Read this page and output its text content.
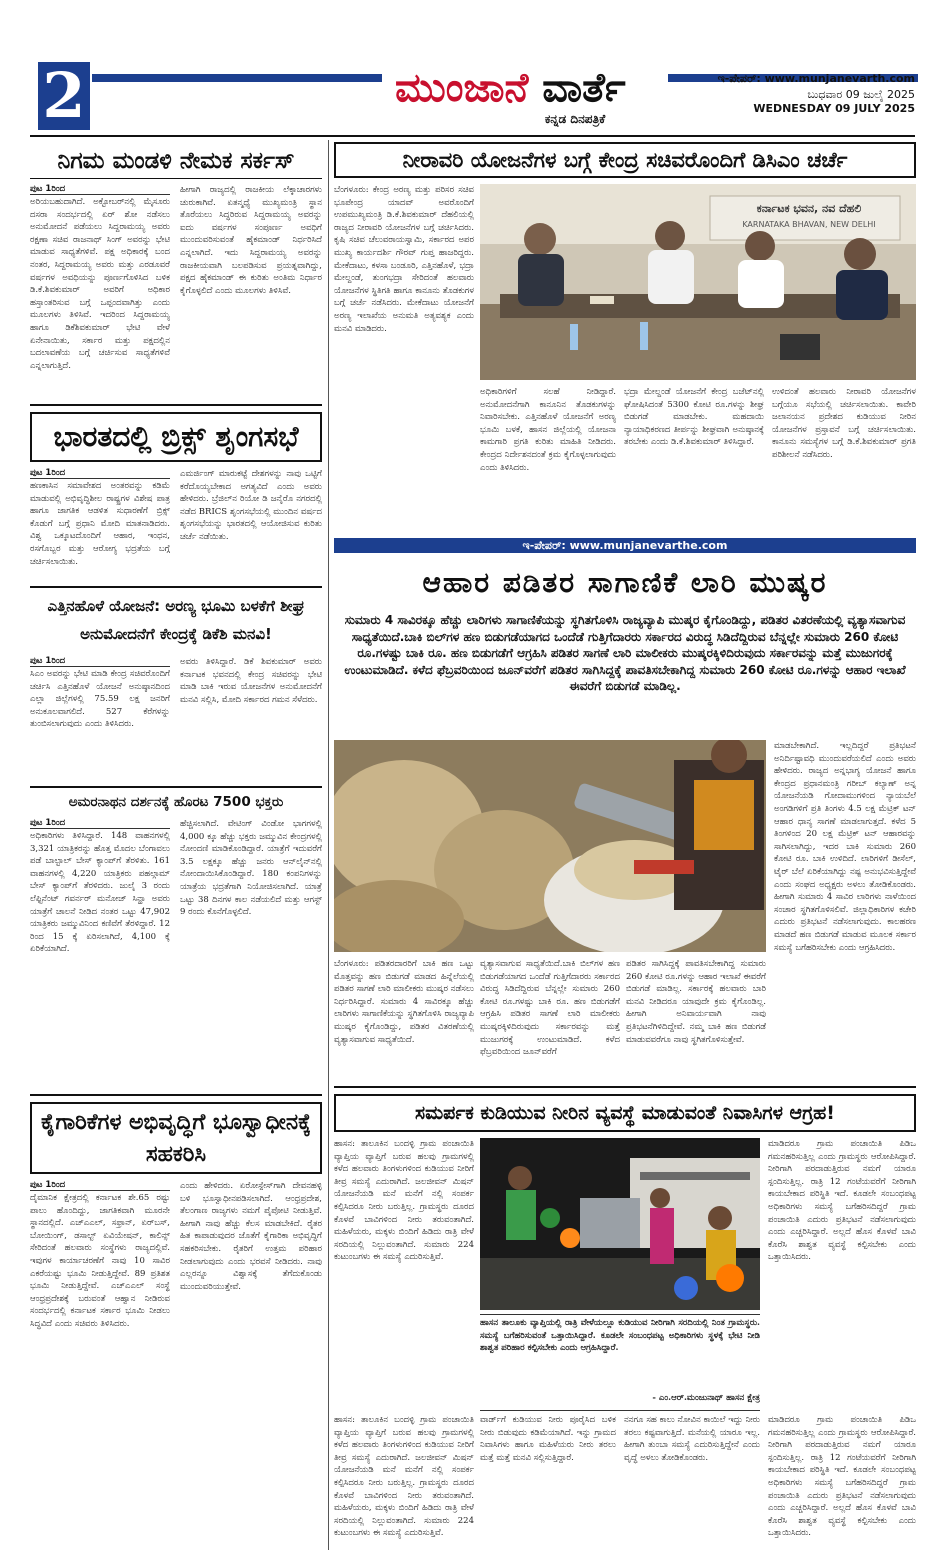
2	ಮುಂಜಾನೆ ವಾರ್ತೆ
ಕನ್ನಡ ದಿನಪತ್ರಿಕೆ
ಇ-ಪೇಪರ್: www.munjanevarth.com
ಬುಧವಾರ 09 ಜುಲೈ 2025
WEDNESDAY 09 JULY 2025
ನಿಗಮ ಮಂಡಳಿ ನೇಮಕ ಸರ್ಕಸ್
ಪುಟ 1ರಿಂದ
ಅರಿಯಬಹುದಾಗಿದೆ. ಅಕ್ಟೋಬರ್‌ನಲ್ಲಿ ಮೈಸೂರು ದಸರಾ ಸಂದರ್ಭದಲ್ಲಿ ಏರ್ ಶೋ ನಡೆಸಲು ಅನುಮೋದನೆ ಪಡೆಯಲು ಸಿದ್ದರಾಮಯ್ಯ ಅವರು ರಕ್ಷಣಾ ಸಚಿವ ರಾಜನಾಥ್ ಸಿಂಗ್ ಅವರನ್ನು ಭೇಟಿ ಮಾಡುವ ಸಾಧ್ಯತೆಗಳಿವೆ. ಪಕ್ಷ ಅಧಿಕಾರಕ್ಕೆ ಬಂದ ನಂತರ, ಸಿದ್ದರಾಮಯ್ಯ ಅವರು ಮತ್ತು ಎರಡೂವರೆ ವರ್ಷಗಳ ಅವಧಿಯನ್ನು ಪೂರ್ಣಗೊಳಿಸಿದ ಬಳಿಕ ಡಿ.ಕೆ.ಶಿವಕುಮಾರ್ ಅವರಿಗೆ ಅಧಿಕಾರ ಹಸ್ತಾಂತರಿಸುವ ಬಗ್ಗೆ ಒಪ್ಪಂದವಾಗಿತ್ತು ಎಂದು ಮೂಲಗಳು ತಿಳಿಸಿವೆ. ಇದರಿಂದ ಸಿದ್ದರಾಮಯ್ಯ ಹಾಗೂ ಡಿಕೆಶಿವಕುಮಾರ್ ಭೇಟಿ ವೇಳೆ ಏನೇನಾಯಿತು, ಸರ್ಕಾರ ಮತ್ತು ಪಕ್ಷದಲ್ಲಿನ ಬದಲಾವಣೆಯ ಬಗ್ಗೆ ಚರ್ಚಿಸುವ ಸಾಧ್ಯತೆಗಳಿವೆ ಎನ್ನಲಾಗುತ್ತಿದೆ.
ಹೀಗಾಗಿ ರಾಜ್ಯದಲ್ಲಿ ರಾಜಕೀಯ ಲೆಕ್ಕಾಚಾರಗಳು ಚುರುಕಾಗಿವೆ. ಏತನ್ಮಧ್ಯೆ ಮುಖ್ಯಮಂತ್ರಿ ಸ್ಥಾನ ತೊರೆಯಲು ಸಿದ್ಧರಿರುವ ಸಿದ್ದರಾಮಯ್ಯ ಅವರನ್ನು ಐದು ವರ್ಷಗಳ ಸಂಪೂರ್ಣ ಅವಧಿಗೆ ಮುಂದುವರಿಸುವಂತೆ ಹೈಕಮಾಂಡ್ ನಿರ್ಧರಿಸಿದೆ ಎನ್ನಲಾಗಿದೆ. ಇದು ಸಿದ್ದರಾಮಯ್ಯ ಅವರನ್ನು ರಾಜಕೀಯವಾಗಿ ಬಲಪಡಿಸುವ ಪ್ರಯತ್ನವಾಗಿದ್ದು, ಪಕ್ಷದ ಹೈಕಮಾಂಡ್ ಈ ಕುರಿತು ಅಂತಿಮ ನಿರ್ಧಾರ ಕೈಗೊಳ್ಳಲಿದೆ ಎಂದು ಮೂಲಗಳು ತಿಳಿಸಿವೆ.
ಭಾರತದಲ್ಲಿ ಬ್ರಿಕ್ಸ್ ಶೃಂಗಸಭೆ
ಪುಟ 1ರಿಂದ
ಹಣಕಾಸಿನ ಸಮಾವೇಶದ ಅಂತರವನ್ನು ಕಡಿಮೆ ಮಾಡುವಲ್ಲಿ ಅಭಿವೃದ್ಧಿಶೀಲ ರಾಷ್ಟ್ರಗಳ ವಿಶೇಷ ಪಾತ್ರ ಹಾಗೂ ಜಾಗತಿಕ ಆಡಳಿತ ಸುಧಾರಣೆಗೆ ಬ್ರಿಕ್ಸ್ ಕೊಡುಗೆ ಬಗ್ಗೆ ಪ್ರಧಾನಿ ಮೋದಿ ಮಾತನಾಡಿದರು. ವಿಶ್ವ ಒಕ್ಕೂಟದೊಂದಿಗೆ ಆಹಾರ, ಇಂಧನ, ರಸಗೊಬ್ಬರ ಮತ್ತು ಆರೋಗ್ಯ ಭದ್ರತೆಯ ಬಗ್ಗೆ ಚರ್ಚಿಸಲಾಯಿತು.
ಎಮರ್ಜಿಂಗ್ ಮಾರುಕಟ್ಟೆ ದೇಶಗಳನ್ನು ನಾವು ಒಟ್ಟಿಗೆ ಕರೆದೊಯ್ಯಬೇಕಾದ ಅಗತ್ಯವಿದೆ ಎಂದು ಅವರು ಹೇಳಿದರು. ಬ್ರೆಜಿಲ್‌ನ ರಿಯೋ ಡಿ ಜನೈರೊ ನಗರದಲ್ಲಿ ನಡೆದ BRICS ಶೃಂಗಸಭೆಯಲ್ಲಿ ಮುಂದಿನ ವರ್ಷದ ಶೃಂಗಸಭೆಯನ್ನು ಭಾರತದಲ್ಲಿ ಆಯೋಜಿಸುವ ಕುರಿತು ಚರ್ಚೆ ನಡೆಯಿತು.
ಎತ್ತಿನಹೊಳೆ ಯೋಜನೆ: ಅರಣ್ಯ ಭೂಮಿ ಬಳಕೆಗೆ ಶೀಘ್ರ ಅನುಮೋದನೆಗೆ ಕೇಂದ್ರಕ್ಕೆ ಡಿಕೆಶಿ ಮನವಿ!
ಪುಟ 1ರಿಂದ
ಸಿಎಂ ಅವರನ್ನು ಭೇಟಿ ಮಾಡಿ ಕೇಂದ್ರ ಸಚಿವರೊಂದಿಗೆ ಚರ್ಚಿಸಿ ಎತ್ತಿನಹೊಳೆ ಯೋಜನೆ ಅನುಷ್ಠಾನದಿಂದ ಎಲ್ಲಾ ಜಿಲ್ಲೆಗಳಲ್ಲಿ 75.59 ಲಕ್ಷ ಜನರಿಗೆ ಅನುಕೂಲವಾಗಲಿದೆ. 527 ಕೆರೆಗಳನ್ನು ತುಂಬಿಸಲಾಗುವುದು ಎಂದು ತಿಳಿಸಿದರು.
ಅವರು ತಿಳಿಸಿದ್ದಾರೆ. ಡಿಕೆ ಶಿವಕುಮಾರ್ ಅವರು ಕರ್ನಾಟಕ ಭವನದಲ್ಲಿ ಕೇಂದ್ರ ಸಚಿವರನ್ನು ಭೇಟಿ ಮಾಡಿ ಬಾಕಿ ಇರುವ ಯೋಜನೆಗಳ ಅನುಮೋದನೆಗೆ ಮನವಿ ಸಲ್ಲಿಸಿ, ಮೋದಿ ಸರ್ಕಾರದ ಗಮನ ಸೆಳೆದರು.
ಅಮರನಾಥನ ದರ್ಶನಕ್ಕೆ ಹೊರಟ 7500 ಭಕ್ತರು
ಪುಟ 1ರಿಂದ
ಅಧಿಕಾರಿಗಳು ತಿಳಿಸಿದ್ದಾರೆ. 148 ವಾಹನಗಳಲ್ಲಿ 3,321 ಯಾತ್ರಿಕರನ್ನು ಹೊತ್ತ ಮೊದಲ ಬೆಂಗಾವಲು ಪಡೆ ಬಾಲ್ಟಾಲ್ ಬೇಸ್ ಕ್ಯಾಂಪ್‌ಗೆ ತೆರಳಿತು. 161 ವಾಹನಗಳಲ್ಲಿ 4,220 ಯಾತ್ರಿಕರು ಪಹಲ್ಗಾಮ್ ಬೇಸ್ ಕ್ಯಾಂಪ್‌ಗೆ ತೆರಳಿದರು. ಜುಲೈ 3 ರಂದು ಲೆಫ್ಟಿನೆಂಟ್ ಗವರ್ನರ್ ಮನೋಜ್ ಸಿನ್ಹಾ ಅವರು ಯಾತ್ರೆಗೆ ಚಾಲನೆ ನೀಡಿದ ನಂತರ ಒಟ್ಟು 47,902 ಯಾತ್ರಿಕರು ಜಮ್ಮುವಿನಿಂದ ಕಣಿವೆಗೆ ತೆರಳಿದ್ದಾರೆ. 12 ರಿಂದ 15 ಕ್ಕೆ ಏರಿಸಲಾಗಿದೆ, 4,100 ಕ್ಕೆ ಏರಿಕೆಯಾಗಿದೆ.
ಹೆಚ್ಚಿಸಲಾಗಿದೆ. ವೇಟಿಂಗ್ ವಿಂಡೋ ಭಾಗಗಳಲ್ಲಿ 4,000 ಕ್ಕೂ ಹೆಚ್ಚು ಭಕ್ತರು ಜಮ್ಮುವಿನ ಕೇಂದ್ರಗಳಲ್ಲಿ ನೋಂದಣಿ ಮಾಡಿಕೊಂಡಿದ್ದಾರೆ. ಯಾತ್ರೆಗೆ ಇದುವರೆಗೆ 3.5 ಲಕ್ಷಕ್ಕೂ ಹೆಚ್ಚು ಜನರು ಆನ್‌ಲೈನ್‌ನಲ್ಲಿ ನೋಂದಾಯಿಸಿಕೊಂಡಿದ್ದಾರೆ. 180 ಕಂಪನಿಗಳನ್ನು ಯಾತ್ರೆಯ ಭದ್ರತೆಗಾಗಿ ನಿಯೋಜಿಸಲಾಗಿದೆ. ಯಾತ್ರೆ ಒಟ್ಟು 38 ದಿನಗಳ ಕಾಲ ನಡೆಯಲಿದೆ ಮತ್ತು ಆಗಸ್ಟ್ 9 ರಂದು ಕೊನೆಗೊಳ್ಳಲಿದೆ.
ಕೈಗಾರಿಕೆಗಳ ಅಭಿವೃದ್ಧಿಗೆ ಭೂಸ್ವಾಧೀನಕ್ಕೆ ಸಹಕರಿಸಿ
ಪುಟ 1ರಿಂದ
ದೈಮಾನಿಕ ಕ್ಷೇತ್ರದಲ್ಲಿ ಕರ್ನಾಟಕ ಶೇ.65 ರಷ್ಟು ಪಾಲು ಹೊಂದಿದ್ದು, ಜಾಗತಿಕವಾಗಿ ಮೂರನೇ ಸ್ಥಾನದಲ್ಲಿದೆ. ಎಚ್‌ಎಎಲ್, ಸಫ್ರಾನ್, ಏರ್‌ಬಸ್, ಬೋಯಿಂಗ್, ಡಸಾಲ್ಟ್ ಏವಿಯೇಷನ್, ಕಾಲಿನ್ಸ್ ಸೇರಿದಂತೆ ಹಲವಾರು ಸಂಸ್ಥೆಗಳು ರಾಜ್ಯದಲ್ಲಿವೆ. ಇವುಗಳ ಕಾರ್ಯಾಚರಣೆಗೆ ನಾವು 10 ಸಾವಿರ ಎಕರೆಯಷ್ಟು ಭೂಮಿ ನೀಡುತ್ತಿದ್ದೇವೆ. 89 ಪ್ರತಿಶತ ಭೂಮಿ ನೀಡುತ್ತಿದ್ದೇವೆ. ಎಚ್‌ಎಎಲ್ ಸಂಸ್ಥೆ ಆಂಧ್ರಪ್ರದೇಶಕ್ಕೆ ಬರುವಂತೆ ಆಹ್ವಾನ ನೀಡಿರುವ ಸಂದರ್ಭದಲ್ಲಿ ಕರ್ನಾಟಕ ಸರ್ಕಾರ ಭೂಮಿ ನೀಡಲು ಸಿದ್ಧವಿದೆ ಎಂದು ಸಚಿವರು ತಿಳಿಸಿದರು.
ಎಂದು ಹೇಳಿದರು. ಏರೋಸ್ಪೇಸ್‌ಗಾಗಿ ದೇವನಹಳ್ಳಿ ಬಳಿ ಭೂಸ್ವಾಧೀನಪಡಿಸಲಾಗಿದೆ. ಆಂಧ್ರಪ್ರದೇಶ, ತೆಲಂಗಾಣ ರಾಜ್ಯಗಳು ನಮಗೆ ಪೈಪೋಟಿ ನೀಡುತ್ತಿವೆ. ಹೀಗಾಗಿ ನಾವು ಹೆಚ್ಚು ಕೆಲಸ ಮಾಡಬೇಕಿದೆ. ರೈತರ ಹಿತ ಕಾಪಾಡುವುದರ ಜೊತೆಗೆ ಕೈಗಾರಿಕಾ ಅಭಿವೃದ್ಧಿಗೆ ಸಹಕರಿಸಬೇಕು. ರೈತರಿಗೆ ಉತ್ತಮ ಪರಿಹಾರ ನೀಡಲಾಗುವುದು ಎಂದು ಭರವಸೆ ನೀಡಿದರು. ನಾವು ಎಲ್ಲರನ್ನೂ ವಿಶ್ವಾಸಕ್ಕೆ ತೆಗೆದುಕೊಂಡು ಮುಂದುವರಿಯುತ್ತೇವೆ.
ನೀರಾವರಿ ಯೋಜನೆಗಳ ಬಗ್ಗೆ ಕೇಂದ್ರ ಸಚಿವರೊಂದಿಗೆ ಡಿಸಿಎಂ ಚರ್ಚೆ
ಬೆಂಗಳೂರು: ಕೇಂದ್ರ ಅರಣ್ಯ ಮತ್ತು ಪರಿಸರ ಸಚಿವ ಭೂಪೇಂದ್ರ ಯಾದವ್ ಅವರೊಂದಿಗೆ ಉಪಮುಖ್ಯಮಂತ್ರಿ ಡಿ.ಕೆ.ಶಿವಕುಮಾರ್ ದೆಹಲಿಯಲ್ಲಿ ರಾಜ್ಯದ ನೀರಾವರಿ ಯೋಜನೆಗಳ ಬಗ್ಗೆ ಚರ್ಚಿಸಿದರು. ಕೃಷಿ ಸಚಿವ ಚೆಲುವರಾಯಸ್ವಾಮಿ, ಸರ್ಕಾರದ ಅಪರ ಮುಖ್ಯ ಕಾರ್ಯದರ್ಶಿ ಗೌರವ್ ಗುಪ್ತ ಹಾಜರಿದ್ದರು. ಮೇಕೆದಾಟು, ಕಳಸಾ ಬಂಡೂರಿ, ಎತ್ತಿನಹೊಳೆ, ಭದ್ರಾ ಮೇಲ್ದಂಡೆ, ತುಂಗಭದ್ರಾ ಸೇರಿದಂತೆ ಹಲವಾರು ಯೋಜನೆಗಳ ಸ್ಥಿತಿಗತಿ ಹಾಗೂ ಕಾನೂನು ತೊಡಕುಗಳ ಬಗ್ಗೆ ಚರ್ಚೆ ನಡೆಸಿದರು. ಮೇಕೆದಾಟು ಯೋಜನೆಗೆ ಅರಣ್ಯ ಇಲಾಖೆಯ ಅನುಮತಿ ಅತ್ಯವಶ್ಯಕ ಎಂದು ಮನವಿ ಮಾಡಿದರು.
ಕರ್ನಾಟಕ ಭವನ, ನವ ದೆಹಲಿ
KARNATAKA BHAVAN, NEW DELHI
ಅಧಿಕಾರಿಗಳಿಗೆ ಸಲಹೆ ನೀಡಿದ್ದಾರೆ. ಅನುಮೋದನೆಗಾಗಿ ಕಾನೂನಿನ ತೊಡಕುಗಳನ್ನು ನಿವಾರಿಸಬೇಕು. ಎತ್ತಿನಹೊಳೆ ಯೋಜನೆಗೆ ಅರಣ್ಯ ಭೂಮಿ ಬಳಕೆ, ಹಾಸನ ಜಿಲ್ಲೆಯಲ್ಲಿ ಯೋಜನಾ ಕಾಮಗಾರಿ ಪ್ರಗತಿ ಕುರಿತು ಮಾಹಿತಿ ನೀಡಿದರು. ಕೇಂದ್ರದ ನಿರ್ದೇಶನದಂತೆ ಕ್ರಮ ಕೈಗೊಳ್ಳಲಾಗುವುದು ಎಂದು ತಿಳಿಸಿದರು.
ಭದ್ರಾ ಮೇಲ್ದಂಡೆ ಯೋಜನೆಗೆ ಕೇಂದ್ರ ಬಜೆಟ್‌ನಲ್ಲಿ ಘೋಷಿಸಿದಂತೆ 5300 ಕೋಟಿ ರೂ.ಗಳನ್ನು ಶೀಘ್ರ ಬಿಡುಗಡೆ ಮಾಡಬೇಕು. ಮಹದಾಯಿ ನ್ಯಾಯಾಧಿಕರಣದ ತೀರ್ಪನ್ನು ಶೀಘ್ರವಾಗಿ ಅನುಷ್ಠಾನಕ್ಕೆ ತರಬೇಕು ಎಂದು ಡಿ.ಕೆ.ಶಿವಕುಮಾರ್ ತಿಳಿಸಿದ್ದಾರೆ.
ಉಳಿದಂತೆ ಹಲವಾರು ನೀರಾವರಿ ಯೋಜನೆಗಳ ಬಗ್ಗೆಯೂ ಸಭೆಯಲ್ಲಿ ಚರ್ಚಿಸಲಾಯಿತು. ಕಾವೇರಿ ಜಲಾನಯನ ಪ್ರದೇಶದ ಕುಡಿಯುವ ನೀರಿನ ಯೋಜನೆಗಳ ಪ್ರಸ್ತಾವನೆ ಬಗ್ಗೆ ಚರ್ಚಿಸಲಾಯಿತು. ಕಾನೂನು ಸಮಸ್ಯೆಗಳ ಬಗ್ಗೆ ಡಿ.ಕೆ.ಶಿವಕುಮಾರ್ ಪ್ರಗತಿ ಪರಿಶೀಲನೆ ನಡೆಸಿದರು.
ಇ-ಪೇಪರ್: www.munjanevarthe.com
ಆಹಾರ ಪಡಿತರ ಸಾಗಾಣಿಕೆ ಲಾರಿ ಮುಷ್ಕರ
ಸುಮಾರು 4 ಸಾವಿರಕ್ಕೂ ಹೆಚ್ಚು ಲಾರಿಗಳು ಸಾಗಾಣಿಕೆಯನ್ನು ಸ್ಥಗಿತಗೊಳಿಸಿ ರಾಜ್ಯವ್ಯಾಪಿ ಮುಷ್ಕರ ಕೈಗೊಂಡಿದ್ದು, ಪಡಿತರ ವಿತರಣೆಯಲ್ಲಿ ವ್ಯತ್ಯಾಸವಾಗುವ ಸಾಧ್ಯತೆಯಿದೆ.ಬಾಕಿ ಬಿಲ್‌ಗಳ ಹಣ ಬಿಡುಗಡೆಯಾಗದ ಒಂದೆಡೆ ಗುತ್ತಿಗೆದಾರರು ಸರ್ಕಾರದ ವಿರುದ್ಧ ಸಿಡಿದೆದ್ದಿರುವ ಬೆನ್ನಲ್ಲೇ ಸುಮಾರು 260 ಕೋಟಿ ರೂ.ಗಳಷ್ಟು ಬಾಕಿ ರೂ. ಹಣ ಬಿಡುಗಡೆಗೆ ಆಗ್ರಹಿಸಿ ಪಡಿತರ ಸಾಗಣೆ ಲಾರಿ ಮಾಲೀಕರು ಮುಷ್ಕರಕ್ಕಿಳಿದಿರುವುದು ಸರ್ಕಾರವನ್ನು ಮತ್ತೆ ಮುಜುಗರಕ್ಕೆ ಉಂಟುಮಾಡಿದೆ. ಕಳೆದ ಫೆಬ್ರವರಿಯಿಂದ ಜೂನ್‌ವರೆಗೆ ಪಡಿತರ ಸಾಗಿಸಿದ್ದಕ್ಕೆ ಪಾವತಿಸಬೇಕಾಗಿದ್ದ ಸುಮಾರು 260 ಕೋಟಿ ರೂ.ಗಳನ್ನು ಆಹಾರ ಇಲಾಖೆ ಈವರೆಗೆ ಬಿಡುಗಡೆ ಮಾಡಿಲ್ಲ.
ಮಾಡಬೇಕಾಗಿದೆ. ಇಲ್ಲದಿದ್ದರೆ ಪ್ರತಿಭಟನೆ ಅನಿರ್ದಿಷ್ಟಾವಧಿ ಮುಂದುವರೆಯಲಿದೆ ಎಂದು ಅವರು ಹೇಳಿದರು. ರಾಜ್ಯದ ಅನ್ನಭಾಗ್ಯ ಯೋಜನೆ ಹಾಗೂ ಕೇಂದ್ರದ ಪ್ರಧಾನಮಂತ್ರಿ ಗರೀಬ್ ಕಲ್ಯಾಣ್ ಅನ್ನ ಯೋಜನೆಯಡಿ ಗೋದಾಮುಗಳಿಂದ ನ್ಯಾಯಬೆಲೆ ಅಂಗಡಿಗಳಿಗೆ ಪ್ರತಿ ತಿಂಗಳು 4.5 ಲಕ್ಷ ಮೆಟ್ರಿಕ್ ಟನ್ ಆಹಾರ ಧಾನ್ಯ ಸಾಗಣೆ ಮಾಡಲಾಗುತ್ತದೆ. ಕಳೆದ 5 ತಿಂಗಳಿಂದ 20 ಲಕ್ಷ ಮೆಟ್ರಿಕ್ ಟನ್ ಆಹಾರವನ್ನು ಸಾಗಿಸಲಾಗಿದ್ದು, ಇದರ ಬಾಕಿ ಸುಮಾರು 260 ಕೋಟಿ ರೂ. ಬಾಕಿ ಉಳಿದಿದೆ. ಲಾರಿಗಳಿಗೆ ಡೀಸೆಲ್, ಟೈರ್ ಬೆಲೆ ಏರಿಕೆಯಾಗಿದ್ದು ನಷ್ಟ ಅನುಭವಿಸುತ್ತಿದ್ದೇವೆ ಎಂದು ಸಂಘದ ಅಧ್ಯಕ್ಷರು ಅಳಲು ತೋಡಿಕೊಂಡರು. ಹೀಗಾಗಿ ಸುಮಾರು 4 ಸಾವಿರ ಲಾರಿಗಳು ನಾಳೆಯಿಂದ ಸಂಚಾರ ಸ್ಥಗಿತಗೊಳಿಸಲಿವೆ. ಜಿಲ್ಲಾಧಿಕಾರಿಗಳ ಕಚೇರಿ ಎದುರು ಪ್ರತಿಭಟನೆ ನಡೆಸಲಾಗುವುದು. ಕಾಲಹರಣ ಮಾಡದೆ ಹಣ ಬಿಡುಗಡೆ ಮಾಡುವ ಮೂಲಕ ಸರ್ಕಾರ ಸಮಸ್ಯೆ ಬಗೆಹರಿಸಬೇಕು ಎಂದು ಆಗ್ರಹಿಸಿದರು.
ಬೆಂಗಳೂರು: ಪಡಿತರದಾರರಿಗೆ ಬಾಕಿ ಹಣ ಒಟ್ಟು ಮೊತ್ತವನ್ನು ಹಣ ಬಿಡುಗಡೆ ಮಾಡದ ಹಿನ್ನೆಲೆಯಲ್ಲಿ ಪಡಿತರ ಸಾಗಣೆ ಲಾರಿ ಮಾಲೀಕರು ಮುಷ್ಕರ ನಡೆಸಲು ನಿರ್ಧರಿಸಿದ್ದಾರೆ. ಸುಮಾರು 4 ಸಾವಿರಕ್ಕೂ ಹೆಚ್ಚು ಲಾರಿಗಳು ಸಾಗಾಣಿಕೆಯನ್ನು ಸ್ಥಗಿತಗೊಳಿಸಿ ರಾಜ್ಯವ್ಯಾಪಿ ಮುಷ್ಕರ ಕೈಗೊಂಡಿದ್ದು, ಪಡಿತರ ವಿತರಣೆಯಲ್ಲಿ ವ್ಯತ್ಯಾಸವಾಗುವ ಸಾಧ್ಯತೆಯಿದೆ.
ವ್ಯತ್ಯಾಸವಾಗುವ ಸಾಧ್ಯತೆಯಿದೆ.ಬಾಕಿ ಬಿಲ್‌ಗಳ ಹಣ ಬಿಡುಗಡೆಯಾಗದ ಒಂದೆಡೆ ಗುತ್ತಿಗೆದಾರರು ಸರ್ಕಾರದ ವಿರುದ್ಧ ಸಿಡಿದೆದ್ದಿರುವ ಬೆನ್ನಲ್ಲೇ ಸುಮಾರು 260 ಕೋಟಿ ರೂ.ಗಳಷ್ಟು ಬಾಕಿ ರೂ. ಹಣ ಬಿಡುಗಡೆಗೆ ಆಗ್ರಹಿಸಿ ಪಡಿತರ ಸಾಗಣೆ ಲಾರಿ ಮಾಲೀಕರು ಮುಷ್ಕರಕ್ಕಿಳಿದಿರುವುದು ಸರ್ಕಾರವನ್ನು ಮತ್ತೆ ಮುಜುಗರಕ್ಕೆ ಉಂಟುಮಾಡಿದೆ. ಕಳೆದ ಫೆಬ್ರವರಿಯಿಂದ ಜೂನ್‌ವರೆಗೆ
ಪಡಿತರ ಸಾಗಿಸಿದ್ದಕ್ಕೆ ಪಾವತಿಸಬೇಕಾಗಿದ್ದ ಸುಮಾರು 260 ಕೋಟಿ ರೂ.ಗಳನ್ನು ಆಹಾರ ಇಲಾಖೆ ಈವರೆಗೆ ಬಿಡುಗಡೆ ಮಾಡಿಲ್ಲ. ಸರ್ಕಾರಕ್ಕೆ ಹಲವಾರು ಬಾರಿ ಮನವಿ ನೀಡಿದರೂ ಯಾವುದೇ ಕ್ರಮ ಕೈಗೊಂಡಿಲ್ಲ. ಹೀಗಾಗಿ ಅನಿವಾರ್ಯವಾಗಿ ನಾವು ಪ್ರತಿಭಟನೆಗಿಳಿದಿದ್ದೇವೆ. ನಮ್ಮ ಬಾಕಿ ಹಣ ಬಿಡುಗಡೆ ಮಾಡುವವರೆಗೂ ನಾವು ಸ್ಥಗಿತಗೊಳಿಸುತ್ತೇವೆ.
ಸಮರ್ಪಕ ಕುಡಿಯುವ ನೀರಿನ ವ್ಯವಸ್ಥೆ ಮಾಡುವಂತೆ ನಿವಾಸಿಗಳ ಆಗ್ರಹ!
ಹಾಸನ: ತಾಲೂಕಿನ ಬಂದಳ್ಳಿ ಗ್ರಾಮ ಪಂಚಾಯಿತಿ ವ್ಯಾಪ್ತಿಯ ವ್ಯಾಪ್ತಿಗೆ ಬರುವ ಹಲವು ಗ್ರಾಮಗಳಲ್ಲಿ ಕಳೆದ ಹಲವಾರು ತಿಂಗಳುಗಳಿಂದ ಕುಡಿಯುವ ನೀರಿಗೆ ತೀವ್ರ ಸಮಸ್ಯೆ ಎದುರಾಗಿದೆ. ಜಲಜೀವನ್ ಮಿಷನ್ ಯೋಜನೆಯಡಿ ಮನೆ ಮನೆಗೆ ನಲ್ಲಿ ಸಂಪರ್ಕ ಕಲ್ಪಿಸಿದರೂ ನೀರು ಬರುತ್ತಿಲ್ಲ. ಗ್ರಾಮಸ್ಥರು ದೂರದ ಕೊಳವೆ ಬಾವಿಗಳಿಂದ ನೀರು ತರುವಂತಾಗಿದೆ. ಮಹಿಳೆಯರು, ಮಕ್ಕಳು ಬಿಂದಿಗೆ ಹಿಡಿದು ರಾತ್ರಿ ವೇಳೆ ಸರದಿಯಲ್ಲಿ ನಿಲ್ಲುವಂತಾಗಿದೆ. ಸುಮಾರು 224 ಕುಟುಂಬಗಳು ಈ ಸಮಸ್ಯೆ ಎದುರಿಸುತ್ತಿವೆ.
ಮಾಡಿದರೂ ಗ್ರಾಮ ಪಂಚಾಯಿತಿ ಪಿಡಿಒ ಗಮನಹರಿಸುತ್ತಿಲ್ಲ ಎಂದು ಗ್ರಾಮಸ್ಥರು ಆರೋಪಿಸಿದ್ದಾರೆ. ನೀರಿಗಾಗಿ ಪರದಾಡುತ್ತಿರುವ ನಮಗೆ ಯಾರೂ ಸ್ಪಂದಿಸುತ್ತಿಲ್ಲ. ರಾತ್ರಿ 12 ಗಂಟೆಯವರೆಗೆ ನೀರಿಗಾಗಿ ಕಾಯಬೇಕಾದ ಪರಿಸ್ಥಿತಿ ಇದೆ. ಕೂಡಲೇ ಸಂಬಂಧಪಟ್ಟ ಅಧಿಕಾರಿಗಳು ಸಮಸ್ಯೆ ಬಗೆಹರಿಸದಿದ್ದರೆ ಗ್ರಾಮ ಪಂಚಾಯಿತಿ ಎದುರು ಪ್ರತಿಭಟನೆ ನಡೆಸಲಾಗುವುದು ಎಂದು ಎಚ್ಚರಿಸಿದ್ದಾರೆ. ಅಲ್ಲದೆ ಹೊಸ ಕೊಳವೆ ಬಾವಿ ಕೊರೆಸಿ ಶಾಶ್ವತ ವ್ಯವಸ್ಥೆ ಕಲ್ಪಿಸಬೇಕು ಎಂದು ಒತ್ತಾಯಿಸಿದರು.
ಹಾಸನ ತಾಲೂಕು ವ್ಯಾಪ್ತಿಯಲ್ಲಿ ರಾತ್ರಿ ವೇಳೆಯಲ್ಲೂ ಕುಡಿಯುವ ನೀರಿಗಾಗಿ ಸರದಿಯಲ್ಲಿ ನಿಂತ ಗ್ರಾಮಸ್ಥರು. ಸಮಸ್ಯೆ ಬಗೆಹರಿಸುವಂತೆ ಒತ್ತಾಯಿಸಿದ್ದಾರೆ. ಕೂಡಲೇ ಸಂಬಂಧಪಟ್ಟ ಅಧಿಕಾರಿಗಳು ಸ್ಥಳಕ್ಕೆ ಭೇಟಿ ನೀಡಿ ಶಾಶ್ವತ ಪರಿಹಾರ ಕಲ್ಪಿಸಬೇಕು ಎಂದು ಆಗ್ರಹಿಸಿದ್ದಾರೆ.
- ಎಂ.ಆರ್.ಮಂಜುನಾಥ್ ಹಾಸನ ಕ್ಷೇತ್ರ
ಹಾಸನ: ತಾಲೂಕಿನ ಬಂದಳ್ಳಿ ಗ್ರಾಮ ಪಂಚಾಯಿತಿ ವ್ಯಾಪ್ತಿಯ ವ್ಯಾಪ್ತಿಗೆ ಬರುವ ಹಲವು ಗ್ರಾಮಗಳಲ್ಲಿ ಕಳೆದ ಹಲವಾರು ತಿಂಗಳುಗಳಿಂದ ಕುಡಿಯುವ ನೀರಿಗೆ ತೀವ್ರ ಸಮಸ್ಯೆ ಎದುರಾಗಿದೆ. ಜಲಜೀವನ್ ಮಿಷನ್ ಯೋಜನೆಯಡಿ ಮನೆ ಮನೆಗೆ ನಲ್ಲಿ ಸಂಪರ್ಕ ಕಲ್ಪಿಸಿದರೂ ನೀರು ಬರುತ್ತಿಲ್ಲ. ಗ್ರಾಮಸ್ಥರು ದೂರದ ಕೊಳವೆ ಬಾವಿಗಳಿಂದ ನೀರು ತರುವಂತಾಗಿದೆ. ಮಹಿಳೆಯರು, ಮಕ್ಕಳು ಬಿಂದಿಗೆ ಹಿಡಿದು ರಾತ್ರಿ ವೇಳೆ ಸರದಿಯಲ್ಲಿ ನಿಲ್ಲುವಂತಾಗಿದೆ. ಸುಮಾರು 224 ಕುಟುಂಬಗಳು ಈ ಸಮಸ್ಯೆ ಎದುರಿಸುತ್ತಿವೆ.
ವಾರ್ಡ್‌ಗೆ ಕುಡಿಯುವ ನೀರು ಪೂರೈಸಿದ ಬಳಿಕ ನೀರು ಬಿಡುವುದು ಕಡಿಮೆಯಾಗಿದೆ. ಇನ್ನು ಗ್ರಾಮದ ನಿವಾಸಿಗಳು ಹಾಗೂ ಮಹಿಳೆಯರು ನೀರು ತರಲು ಮತ್ತೆ ಮತ್ತೆ ಮನವಿ ಸಲ್ಲಿಸುತ್ತಿದ್ದಾರೆ.
ನನಗೂ ಸಹ ಕಾಲು ನೋವಿನ ಕಾಯಿಲೆ ಇದ್ದು ನೀರು ತರಲು ಕಷ್ಟವಾಗುತ್ತಿದೆ. ಮನೆಯಲ್ಲಿ ಯಾರೂ ಇಲ್ಲ. ಹೀಗಾಗಿ ತುಂಬಾ ಸಮಸ್ಯೆ ಎದುರಿಸುತ್ತಿದ್ದೇನೆ ಎಂದು ವೃದ್ಧೆ ಅಳಲು ತೋಡಿಕೊಂಡರು.
ಮಾಡಿದರೂ ಗ್ರಾಮ ಪಂಚಾಯಿತಿ ಪಿಡಿಒ ಗಮನಹರಿಸುತ್ತಿಲ್ಲ ಎಂದು ಗ್ರಾಮಸ್ಥರು ಆರೋಪಿಸಿದ್ದಾರೆ. ನೀರಿಗಾಗಿ ಪರದಾಡುತ್ತಿರುವ ನಮಗೆ ಯಾರೂ ಸ್ಪಂದಿಸುತ್ತಿಲ್ಲ. ರಾತ್ರಿ 12 ಗಂಟೆಯವರೆಗೆ ನೀರಿಗಾಗಿ ಕಾಯಬೇಕಾದ ಪರಿಸ್ಥಿತಿ ಇದೆ. ಕೂಡಲೇ ಸಂಬಂಧಪಟ್ಟ ಅಧಿಕಾರಿಗಳು ಸಮಸ್ಯೆ ಬಗೆಹರಿಸದಿದ್ದರೆ ಗ್ರಾಮ ಪಂಚಾಯಿತಿ ಎದುರು ಪ್ರತಿಭಟನೆ ನಡೆಸಲಾಗುವುದು ಎಂದು ಎಚ್ಚರಿಸಿದ್ದಾರೆ. ಅಲ್ಲದೆ ಹೊಸ ಕೊಳವೆ ಬಾವಿ ಕೊರೆಸಿ ಶಾಶ್ವತ ವ್ಯವಸ್ಥೆ ಕಲ್ಪಿಸಬೇಕು ಎಂದು ಒತ್ತಾಯಿಸಿದರು.
